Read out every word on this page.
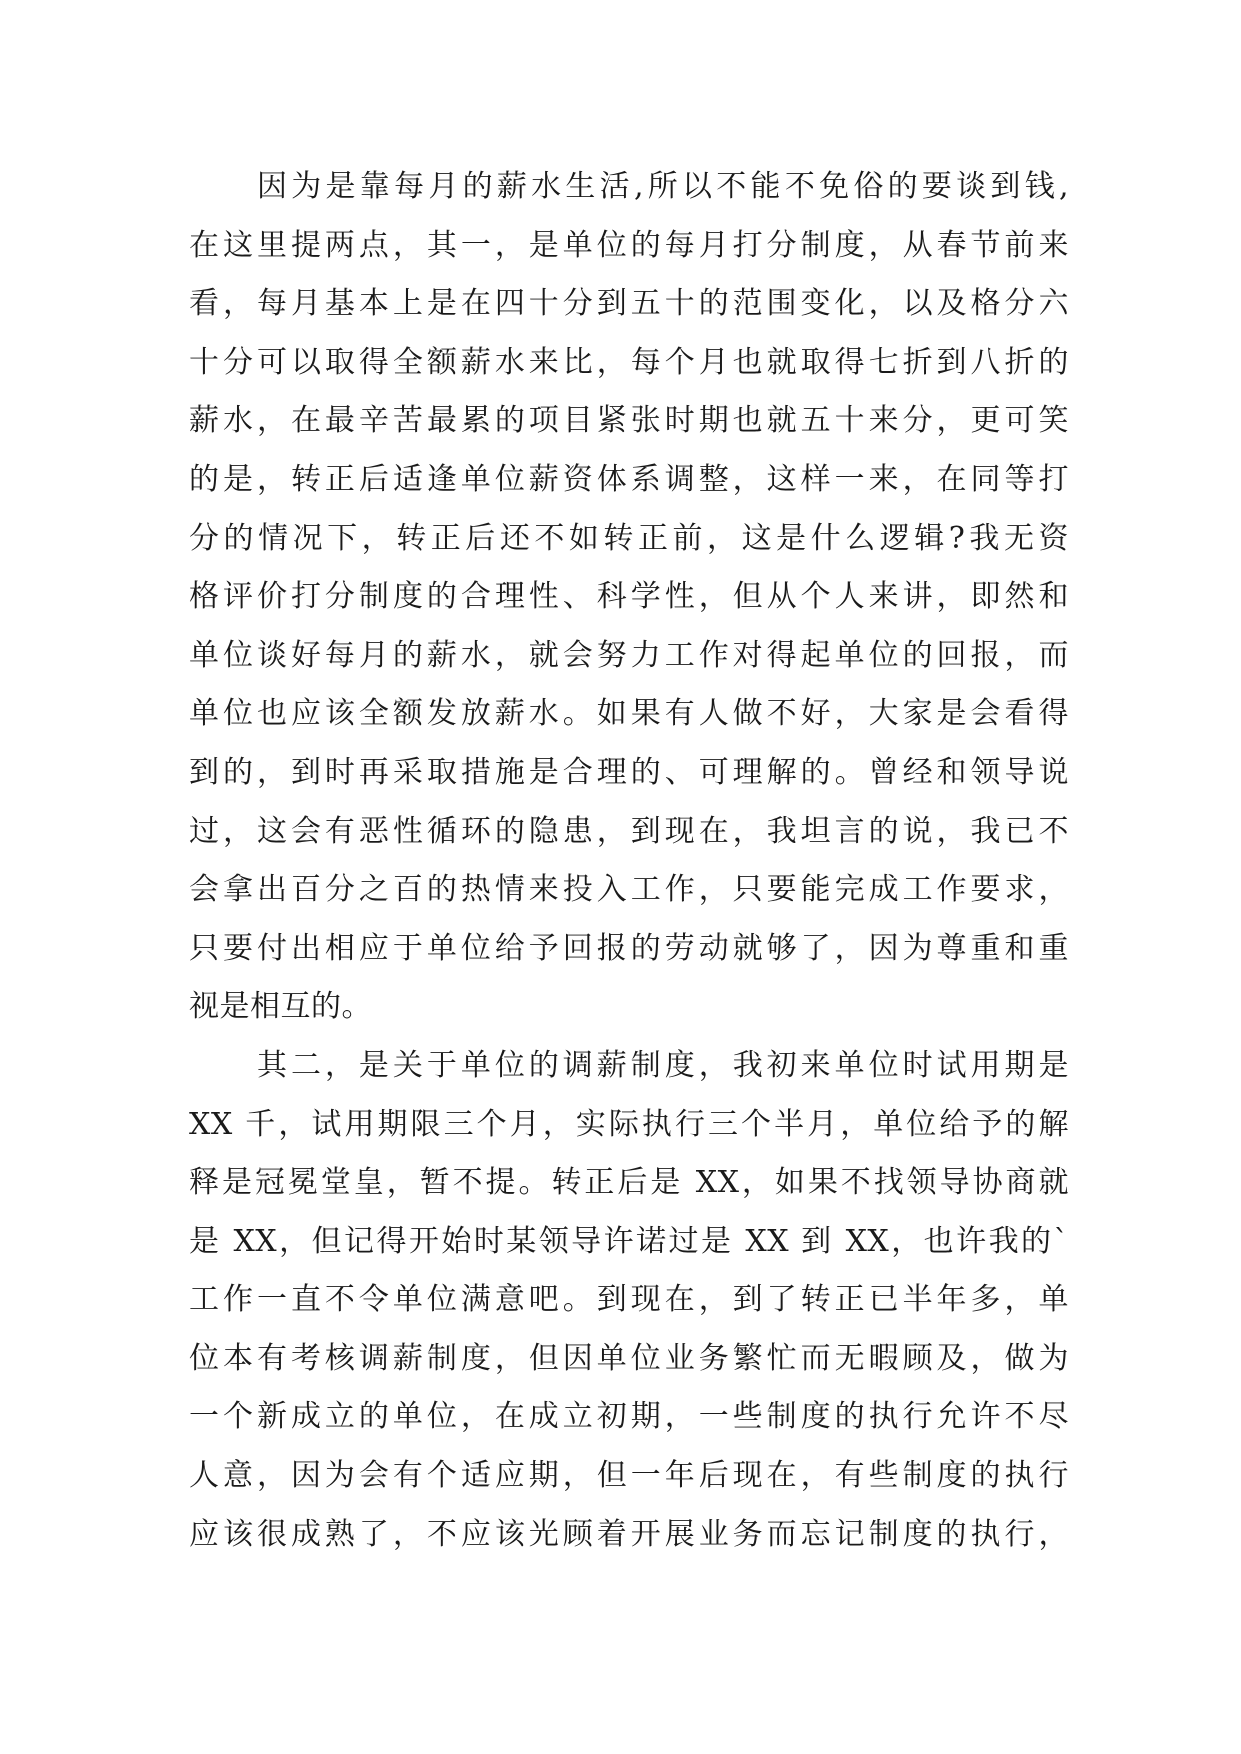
因为是靠每月的薪水生活,所以不能不免俗的要谈到钱,
在这里提两点，其一，是单位的每月打分制度，从春节前来
看，每月基本上是在四十分到五十的范围变化，以及格分六
十分可以取得全额薪水来比，每个月也就取得七折到八折的
薪水，在最辛苦最累的项目紧张时期也就五十来分，更可笑
的是，转正后适逢单位薪资体系调整，这样一来，在同等打
分的情况下，转正后还不如转正前，这是什么逻辑?我无资
格评价打分制度的合理性、科学性，但从个人来讲，即然和
单位谈好每月的薪水，就会努力工作对得起单位的回报，而
单位也应该全额发放薪水。如果有人做不好，大家是会看得
到的，到时再采取措施是合理的、可理解的。曾经和领导说
过，这会有恶性循环的隐患，到现在，我坦言的说，我已不
会拿出百分之百的热情来投入工作，只要能完成工作要求，
只要付出相应于单位给予回报的劳动就够了，因为尊重和重
视是相互的。
其二，是关于单位的调薪制度，我初来单位时试用期是
XX 千，试用期限三个月，实际执行三个半月，单位给予的解
释是冠冕堂皇，暂不提。转正后是 XX，如果不找领导协商就
是 XX，但记得开始时某领导许诺过是 XX 到 XX，也许我的`
工作一直不令单位满意吧。到现在，到了转正已半年多，单
位本有考核调薪制度，但因单位业务繁忙而无暇顾及，做为
一个新成立的单位，在成立初期，一些制度的执行允许不尽
人意，因为会有个适应期，但一年后现在，有些制度的执行
应该很成熟了，不应该光顾着开展业务而忘记制度的执行，
